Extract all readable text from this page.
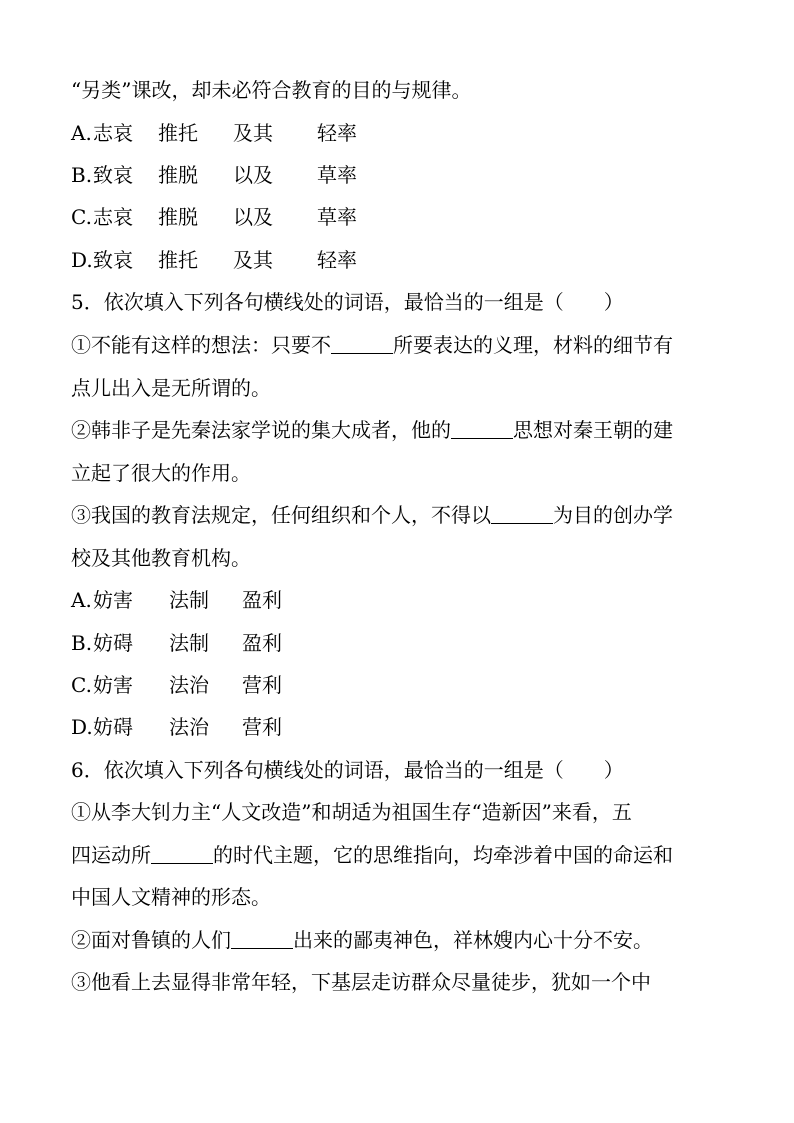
“另类”课改，却未必符合教育的目的与规律。
A. 志哀 推托 及其 轻率
B. 致哀 推脱 以及 草率
C. 志哀 推脱 以及 草率
D. 致哀 推托 及其 轻率
5．依次填入下列各句横线处的词语，最恰当的一组是（ ）
①不能有这样的想法：只要不	所要表达的义理，材料的细节有
点儿出入是无所谓的。
②韩非子是先秦法家学说的集大成者，他的	思想对秦王朝的建
立起了很大的作用。
③我国的教育法规定，任何组织和个人，不得以	为目的创办学
校及其他教育机构。
A. 妨害 法制 盈利
B. 妨碍 法制 盈利
C. 妨害 法治 营利
D. 妨碍 法治 营利
6．依次填入下列各句横线处的词语，最恰当的一组是（ ）
①从李大钊力主“人文改造”和胡适为祖国生存“造新因”来看，五
四运动所	的时代主题，它的思维指向，均牵涉着中国的命运和
中国人文精神的形态。
②面对鲁镇的人们	出来的鄙夷神色，祥林嫂内心十分不安。
③他看上去显得非常年轻，下基层走访群众尽量徒步，犹如一个中
